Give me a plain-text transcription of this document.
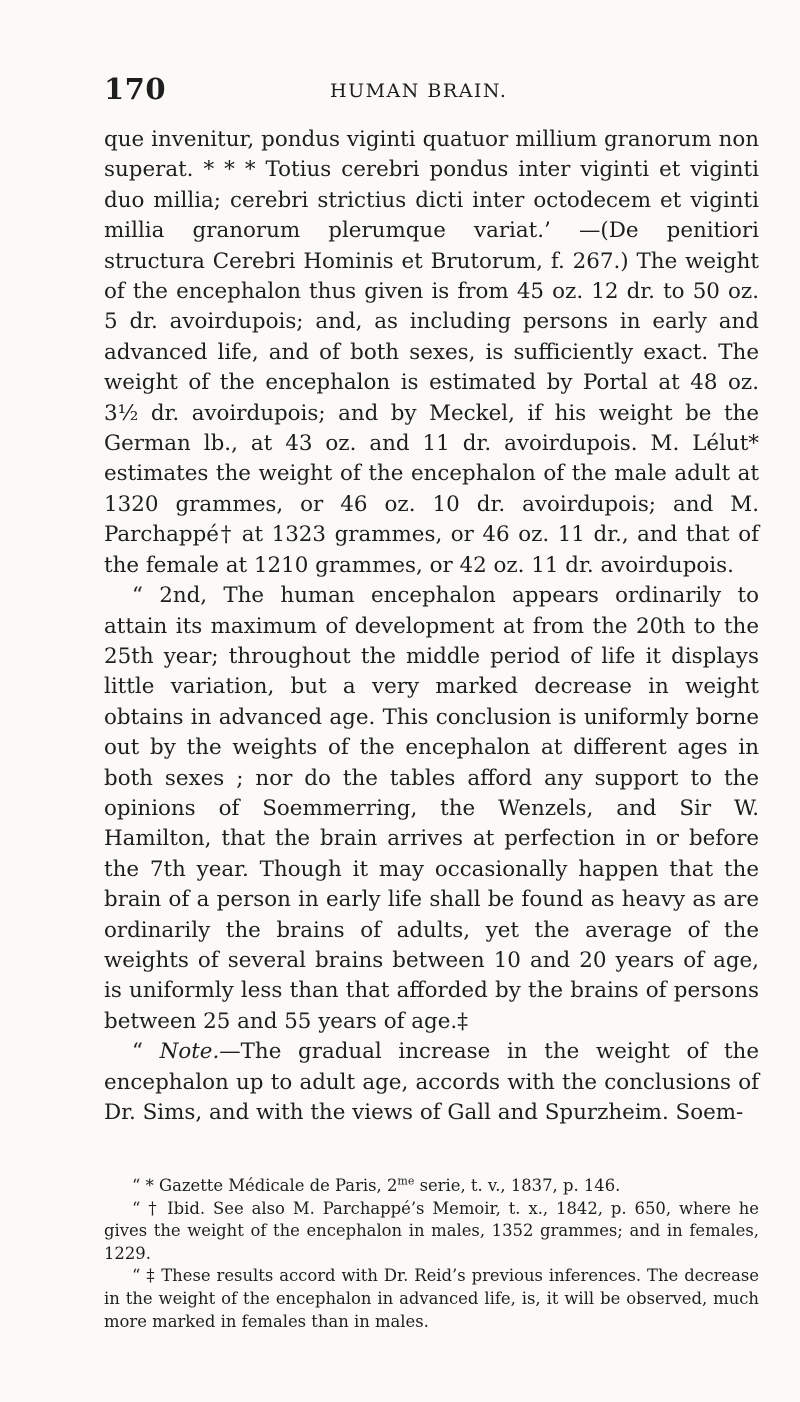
170	HUMAN BRAIN.

que invenitur, pondus viginti quatuor millium granorum non superat. * * * Totius cerebri pondus inter viginti et viginti duo millia; cerebri strictius dicti inter octodecem et viginti millia granorum plerumque variat.’ —(De penitiori structura Cerebri Hominis et Brutorum, f. 267.) The weight of the encephalon thus given is from 45 oz. 12 dr. to 50 oz. 5 dr. avoirdupois; and, as including persons in early and advanced life, and of both sexes, is sufficiently exact. The weight of the encephalon is estimated by Portal at 48 oz. 3½ dr. avoirdupois; and by Meckel, if his weight be the German lb., at 43 oz. and 11 dr. avoirdupois. M. Lélut* estimates the weight of the encephalon of the male adult at 1320 grammes, or 46 oz. 10 dr. avoirdupois; and M. Parchappé† at 1323 grammes, or 46 oz. 11 dr., and that of the female at 1210 grammes, or 42 oz. 11 dr. avoirdupois.

“ 2nd, The human encephalon appears ordinarily to attain its maximum of development at from the 20th to the 25th year; throughout the middle period of life it displays little variation, but a very marked decrease in weight obtains in advanced age. This conclusion is uniformly borne out by the weights of the encephalon at different ages in both sexes ; nor do the tables afford any support to the opinions of Soemmerring, the Wenzels, and Sir W. Hamilton, that the brain arrives at perfection in or before the 7th year. Though it may occasionally happen that the brain of a person in early life shall be found as heavy as are ordinarily the brains of adults, yet the average of the weights of several brains between 10 and 20 years of age, is uniformly less than that afforded by the brains of persons between 25 and 55 years of age.‡

“ Note.—The gradual increase in the weight of the encephalon up to adult age, accords with the conclusions of Dr. Sims, and with the views of Gall and Spurzheim. Soem-

“ * Gazette Médicale de Paris, $2^{me}$ serie, t. v., 1837, p. 146.

“ † Ibid. See also M. Parchappé’s Memoir, t. x., 1842, p. 650, where he gives the weight of the encephalon in males, 1352 grammes; and in females, 1229.

“ ‡ These results accord with Dr. Reid’s previous inferences. The decrease in the weight of the encephalon in advanced life, is, it will be observed, much more marked in females than in males.
